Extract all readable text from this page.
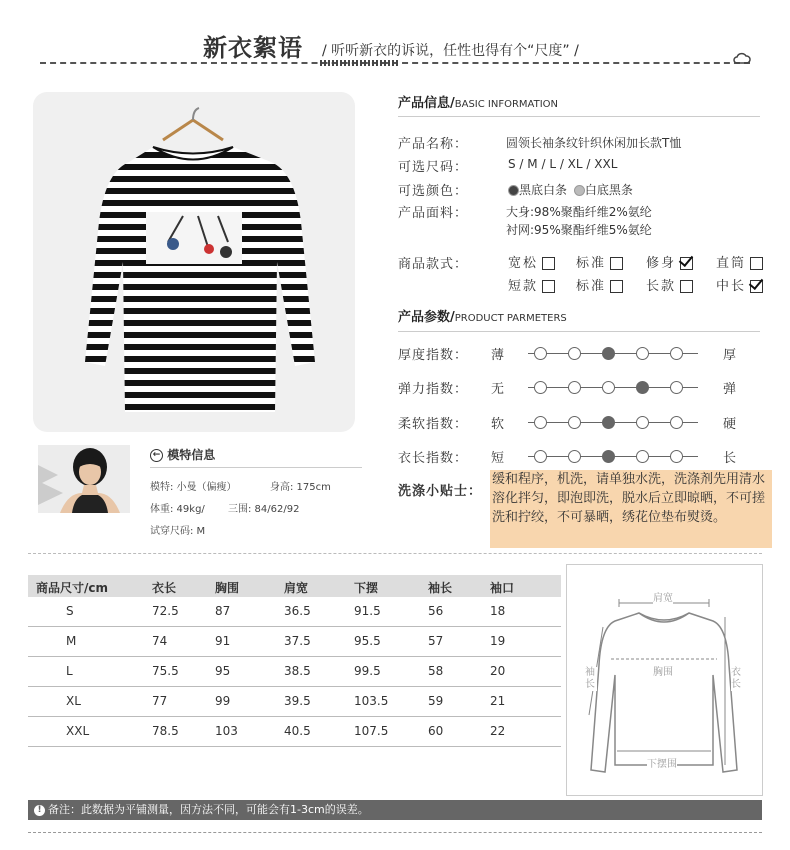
新衣絮语 / 听听新衣的诉说，任性也得有个“尺度” /
产品信息/BASIC INFORMATION
产品名称：	圆领长袖条纹针织休闲加长款T恤
可选尺码：	S / M / L / XL / XXL
可选颜色：	黑底白条 白底黑条
产品面料：	大身:98%聚酯纤维2%氨纶
衬网:95%聚酯纤维5%氨纶
商品款式：	宽松	标准	修身	直筒
短款	标准	长款	中长
产品参数/PRODUCT PARMETERS
厚度指数： 薄	厚
弹力指数： 无	弹
柔软指数： 软	硬
衣长指数： 短	长
洗涤小贴士：
缓和程序，机洗，请单独水洗，洗涤剂先用清水溶化拌匀，即泡即洗，脱水后立即晾晒，不可搓洗和拧绞，不可暴晒，绣花位垫布熨烫。
← 模特信息
模特: 小曼（偏瘦）	身高: 175cm
体重: 49kg/ 三围: 84/62/92
试穿尺码: M
商品尺寸/cm	衣长	胸围	肩宽	下摆	袖长	袖口
S	72.5	87	36.5	91.5	56	18
M	74	91	37.5	95.5	57	19
L	75.5	95	38.5	99.5	58	20
XL	77	99	39.5	103.5	59	21
XXL	78.5	103	40.5	107.5	60	22
肩宽
袖长
胸围	衣长
下摆围
! 备注：此数据为平铺测量，因方法不同，可能会有1-3cm的误差。
